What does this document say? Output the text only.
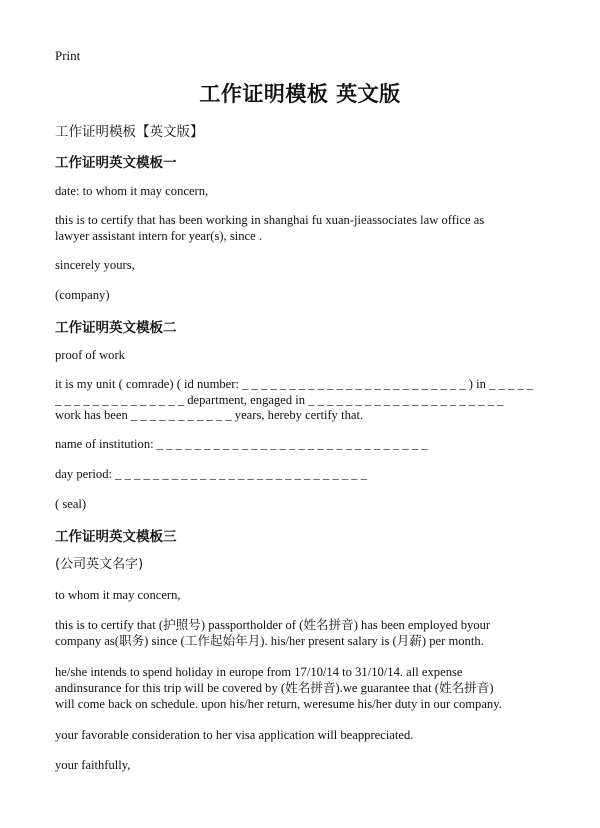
Print
工作证明模板 英文版
工作证明模板【英文版】
工作证明英文模板一
date: to whom it may concern,
this is to certify that has been working in shanghai fu xuan-jieassociates law office as
lawyer assistant intern for year(s), since .
sincerely yours,
(company)
工作证明英文模板二
proof of work
it is my unit ( comrade) ( id number: _ _ _ _ _ _ _ _ _ _ _ _ _ _ _ _ _ _ _ _ _ _ _ _ ) in _ _ _ _ _
_ _ _ _ _ _ _ _ _ _ _ _ _ _ department, engaged in _ _ _ _ _ _ _ _ _ _ _ _ _ _ _ _ _ _ _ _ _
work has been _ _ _ _ _ _ _ _ _ _ _ years, hereby certify that.
name of institution: _ _ _ _ _ _ _ _ _ _ _ _ _ _ _ _ _ _ _ _ _ _ _ _ _ _ _ _ _
day period: _ _ _ _ _ _ _ _ _ _ _ _ _ _ _ _ _ _ _ _ _ _ _ _ _ _ _
( seal)
工作证明英文模板三
(公司英文名字)
to whom it may concern,
this is to certify that (护照号) passportholder of (姓名拼音) has been employed byour
company as(职务) since (工作起始年月). his/her present salary is (月薪) per month.
he/she intends to spend holiday in europe from 17/10/14 to 31/10/14. all expense
andinsurance for this trip will be covered by (姓名拼音).we guarantee that (姓名拼音)
will come back on schedule. upon his/her return, weresume his/her duty in our company.
your favorable consideration to her visa application will beappreciated.
your faithfully,
